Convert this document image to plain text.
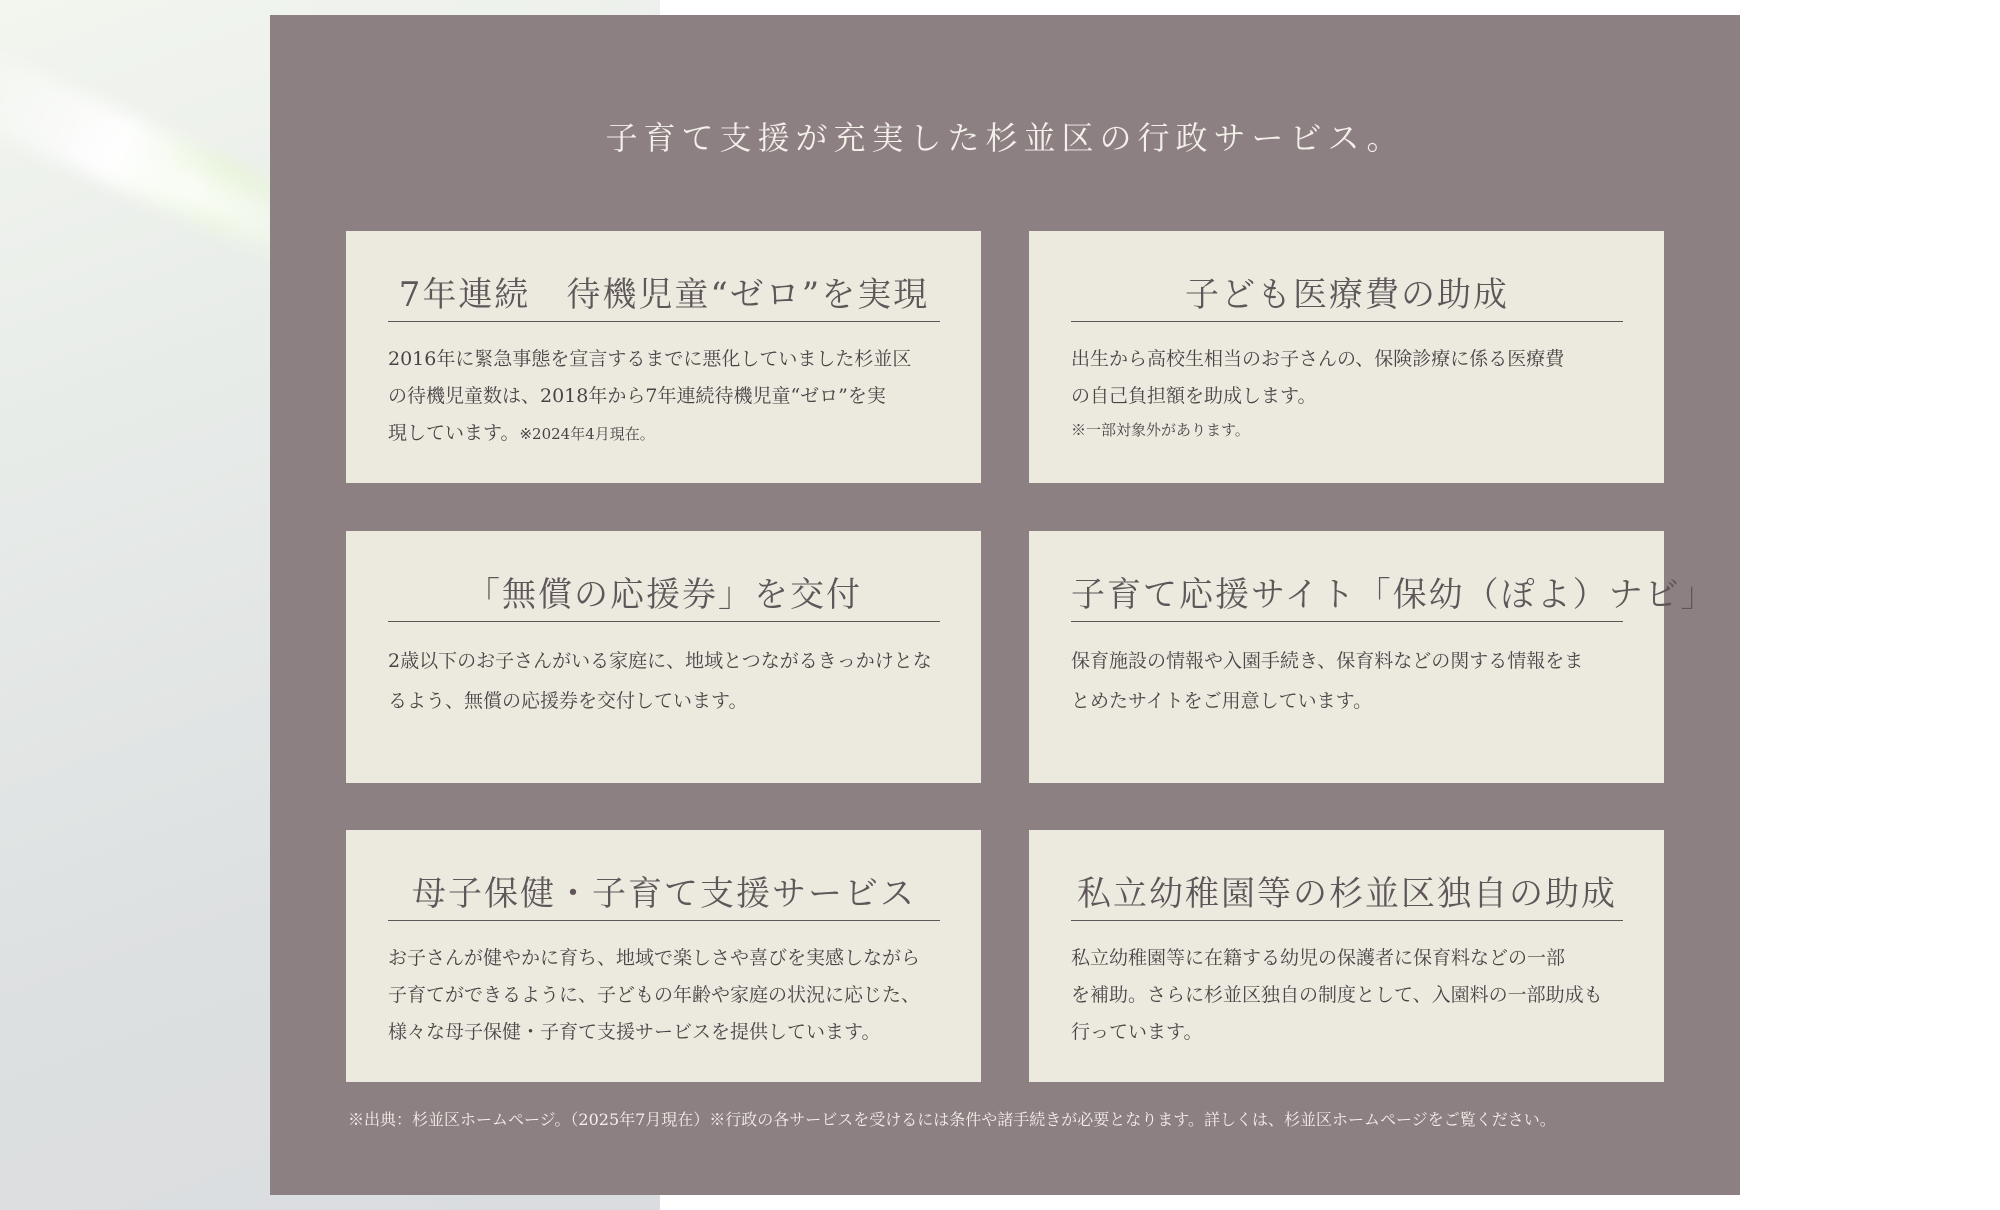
子育て支援が充実した杉並区の行政サービス。
7年連続　待機児童“ゼロ”を実現
2016年に緊急事態を宣言するまでに悪化していました杉並区
の待機児童数は、2018年から7年連続待機児童“ゼロ”を実
現しています。※2024年4月現在。
子ども医療費の助成
出生から高校生相当のお子さんの、保険診療に係る医療費
の自己負担額を助成します。
※一部対象外があります。
「無償の応援券」を交付
2歳以下のお子さんがいる家庭に、地域とつながるきっかけとな
るよう、無償の応援券を交付しています。
子育て応援サイト「保幼（ぽよ）ナビ」
保育施設の情報や入園手続き、保育料などの関する情報をま
とめたサイトをご用意しています。
母子保健・子育て支援サービス
お子さんが健やかに育ち、地域で楽しさや喜びを実感しながら
子育てができるように、子どもの年齢や家庭の状況に応じた、
様々な母子保健・子育て支援サービスを提供しています。
私立幼稚園等の杉並区独自の助成
私立幼稚園等に在籍する幼児の保護者に保育料などの一部
を補助。さらに杉並区独自の制度として、入園料の一部助成も
行っています。
※出典：杉並区ホームページ。（2025年7月現在）※行政の各サービスを受けるには条件や諸手続きが必要となります。詳しくは、杉並区ホームページをご覧ください。
